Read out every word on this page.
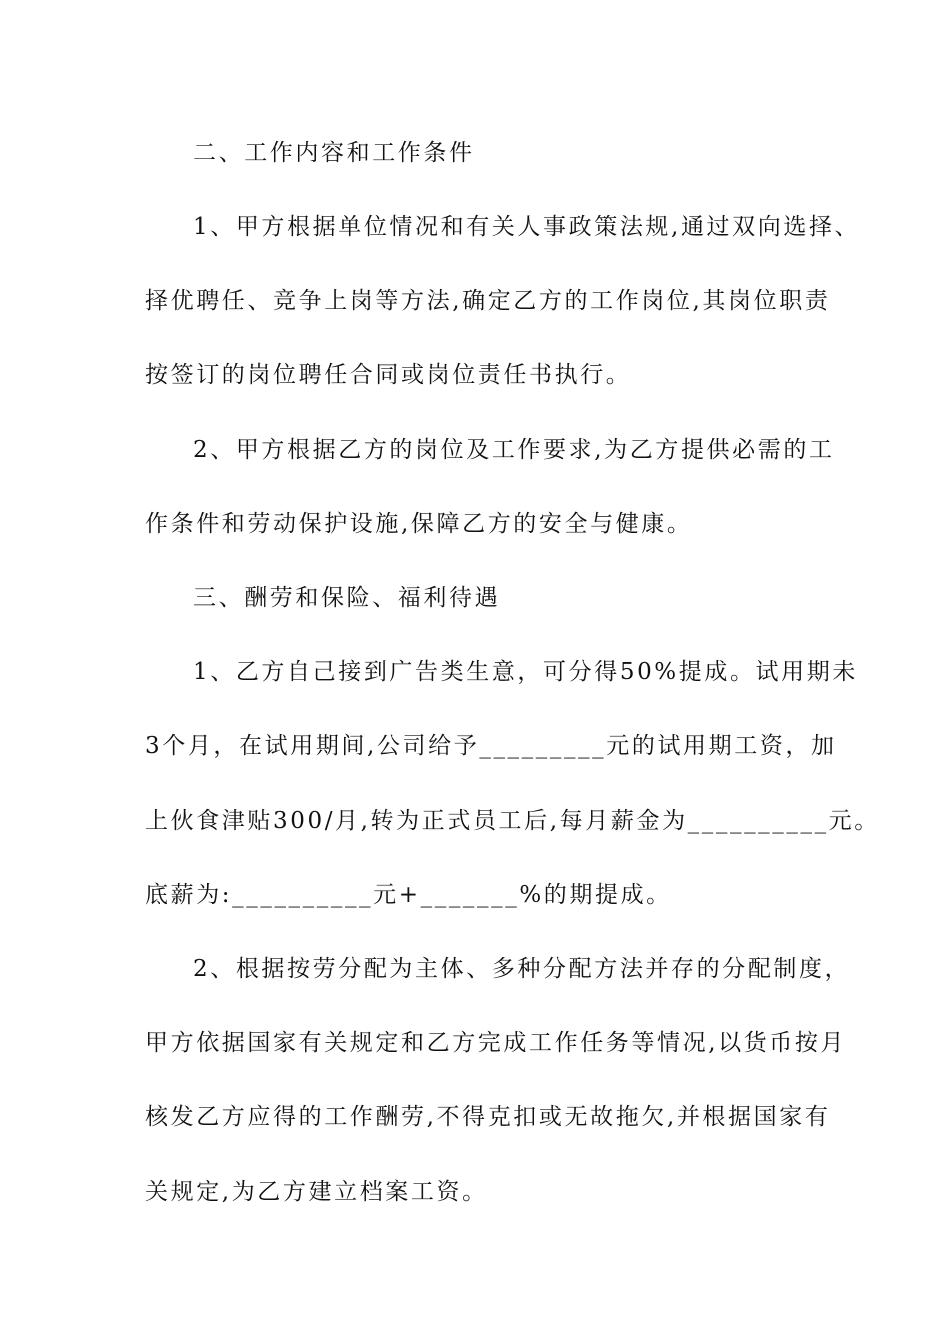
二、工作内容和工作条件
1、甲方根据单位情况和有关人事政策法规,通过双向选择、
择优聘任、竞争上岗等方法,确定乙方的工作岗位,其岗位职责
按签订的岗位聘任合同或岗位责任书执行。
2、甲方根据乙方的岗位及工作要求,为乙方提供必需的工
作条件和劳动保护设施,保障乙方的安全与健康。
三、酬劳和保险、福利待遇
1、乙方自己接到广告类生意，可分得50%提成。试用期未
3个月，在试用期间,公司给予_________元的试用期工资，加
上伙食津贴300/月,转为正式员工后,每月薪金为__________元。
底薪为:__________元+_______%的期提成。
2、根据按劳分配为主体、多种分配方法并存的分配制度，
甲方依据国家有关规定和乙方完成工作任务等情况,以货币按月
核发乙方应得的工作酬劳,不得克扣或无故拖欠,并根据国家有
关规定,为乙方建立档案工资。
